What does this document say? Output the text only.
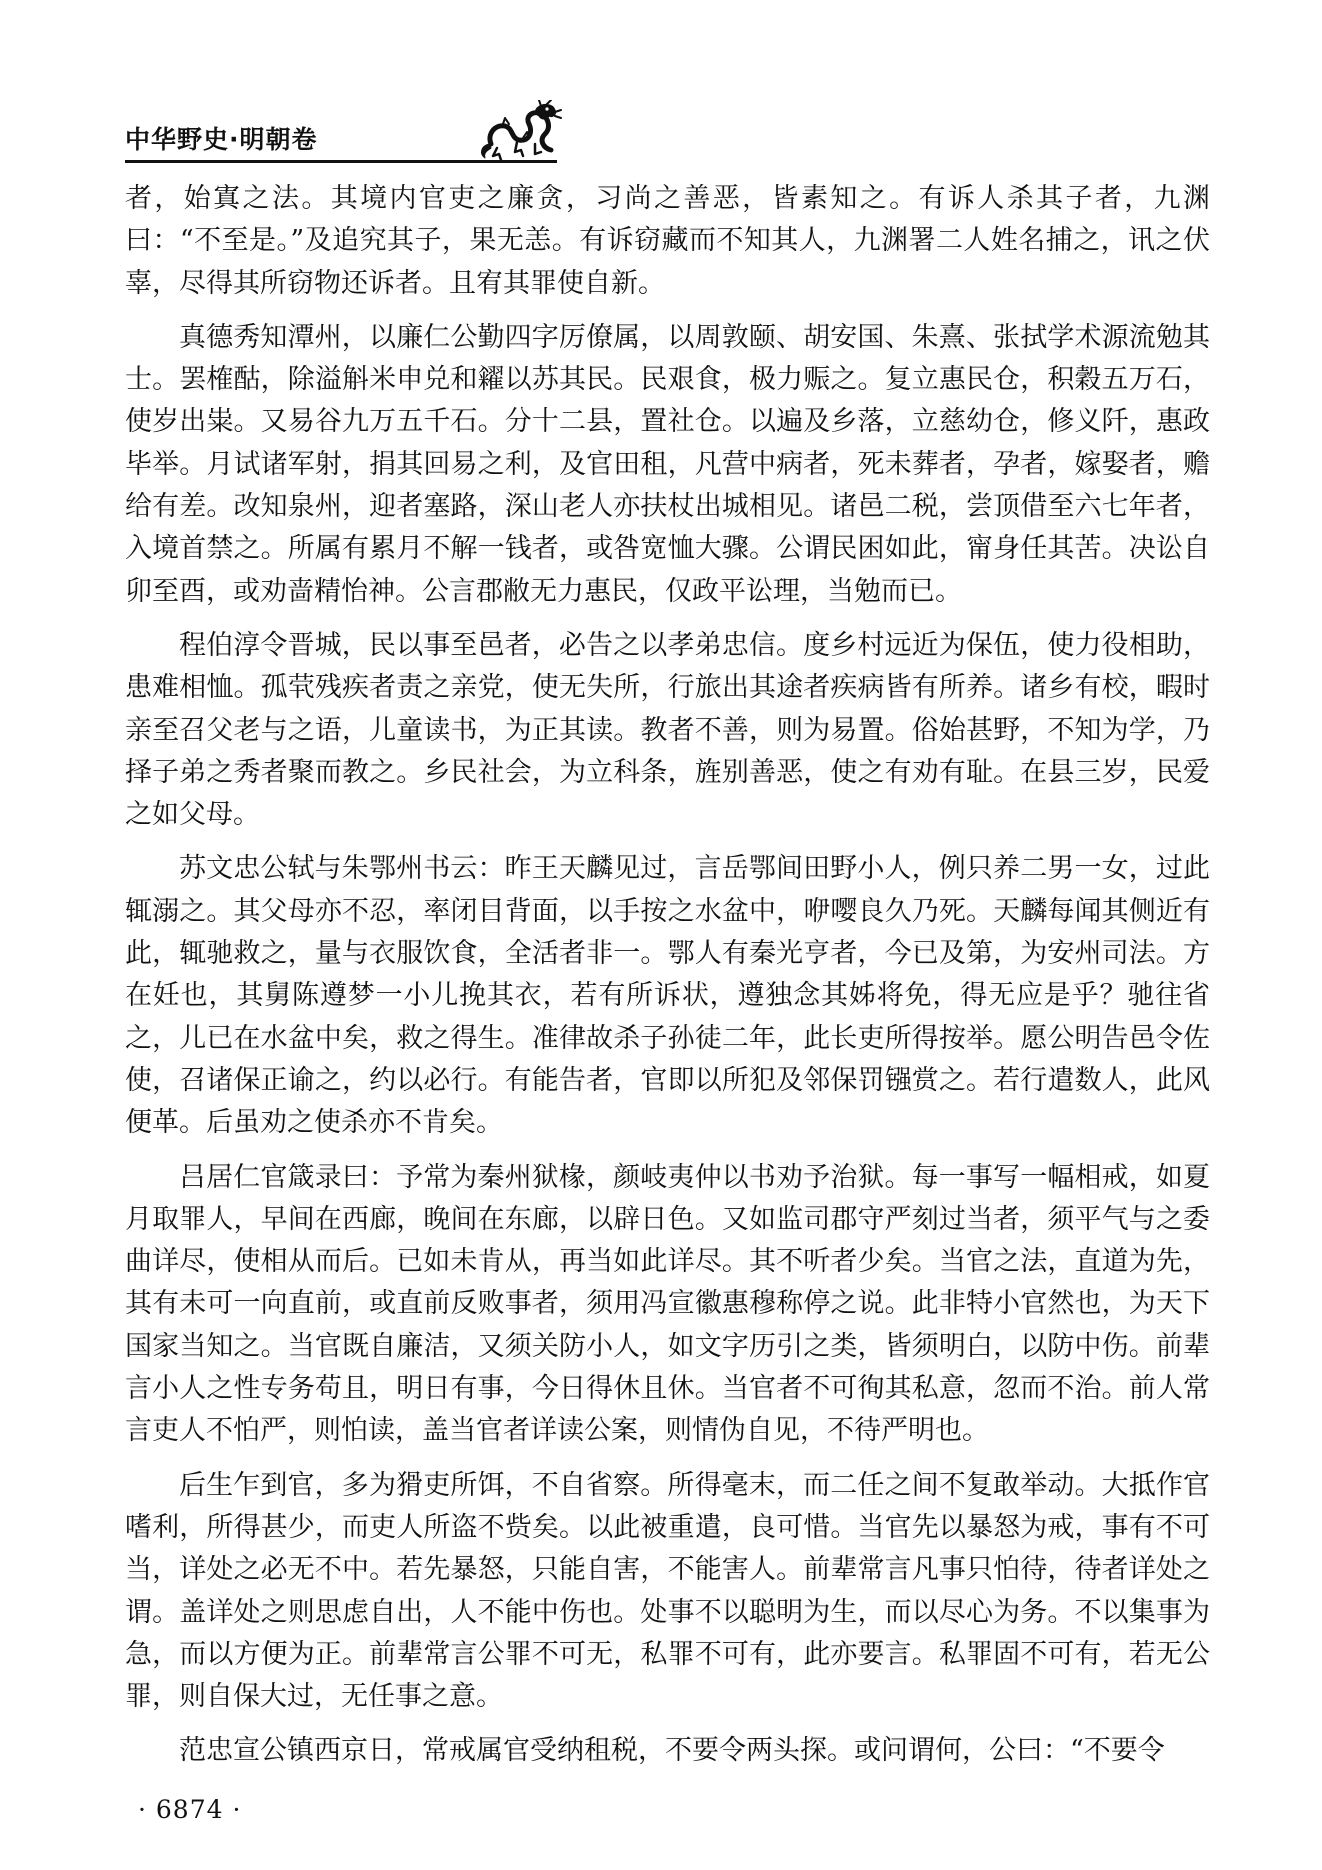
中华野史·明朝卷

者，始寘之法。其境内官吏之廉贪，习尚之善恶，皆素知之。有诉人杀其子者，九渊曰：“不至是。”及追究其子，果无恙。有诉窃藏而不知其人，九渊署二人姓名捕之，讯之伏辜，尽得其所窃物还诉者。且宥其罪使自新。

真德秀知潭州，以廉仁公勤四字厉僚属，以周敦颐、胡安国、朱熹、张拭学术源流勉其士。罢榷酤，除溢斛米申兑和糴以苏其民。民艰食，极力赈之。复立惠民仓，积穀五万石，使岁出粜。又易谷九万五千石。分十二县，置社仓。以遍及乡落，立慈幼仓，修义阡，惠政毕举。月试诸军射，捐其回易之利，及官田租，凡营中病者，死未葬者，孕者，嫁娶者，赡给有差。改知泉州，迎者塞路，深山老人亦扶杖出城相见。诸邑二税，尝顶借至六七年者，入境首禁之。所属有累月不解一钱者，或咎宽恤大骤。公谓民困如此，甯身任其苦。决讼自卯至酉，或劝啬精怡神。公言郡敝无力惠民，仅政平讼理，当勉而已。

程伯淳令晋城，民以事至邑者，必告之以孝弟忠信。度乡村远近为保伍，使力役相助，患难相恤。孤茕残疾者责之亲党，使无失所，行旅出其途者疾病皆有所养。诸乡有校，暇时亲至召父老与之语，儿童读书，为正其读。教者不善，则为易置。俗始甚野，不知为学，乃择子弟之秀者聚而教之。乡民社会，为立科条，旌别善恶，使之有劝有耻。在县三岁，民爱之如父母。

苏文忠公轼与朱鄂州书云：昨王天麟见过，言岳鄂间田野小人，例只养二男一女，过此辄溺之。其父母亦不忍，率闭目背面，以手按之水盆中，咿嘤良久乃死。天麟每闻其侧近有此，辄驰救之，量与衣服饮食，全活者非一。鄂人有秦光亨者，今已及第，为安州司法。方在妊也，其舅陈遵梦一小儿挽其衣，若有所诉状，遵独念其姊将免，得无应是乎？驰往省之，儿已在水盆中矣，救之得生。准律故杀子孙徒二年，此长吏所得按举。愿公明告邑令佐使，召诸保正谕之，约以必行。有能告者，官即以所犯及邻保罚镪赏之。若行遣数人，此风便革。后虽劝之使杀亦不肯矣。

吕居仁官箴录曰：予常为秦州狱椽，颜岐夷仲以书劝予治狱。每一事写一幅相戒，如夏月取罪人，早间在西廊，晚间在东廊，以辟日色。又如监司郡守严刻过当者，须平气与之委曲详尽，使相从而后。已如未肯从，再当如此详尽。其不听者少矣。当官之法，直道为先，其有未可一向直前，或直前反败事者，须用冯宣徽惠穆称停之说。此非特小官然也，为天下国家当知之。当官既自廉洁，又须关防小人，如文字历引之类，皆须明白，以防中伤。前辈言小人之性专务苟且，明日有事，今日得休且休。当官者不可徇其私意，忽而不治。前人常言吏人不怕严，则怕读，盖当官者详读公案，则情伪自见，不待严明也。

后生乍到官，多为猾吏所饵，不自省察。所得毫末，而二任之间不复敢举动。大抵作官嗜利，所得甚少，而吏人所盗不赀矣。以此被重遣，良可惜。当官先以暴怒为戒，事有不可当，详处之必无不中。若先暴怒，只能自害，不能害人。前辈常言凡事只怕待，待者详处之谓。盖详处之则思虑自出，人不能中伤也。处事不以聪明为生，而以尽心为务。不以集事为急，而以方便为正。前辈常言公罪不可无，私罪不可有，此亦要言。私罪固不可有，若无公罪，则自保大过，无任事之意。

范忠宣公镇西京日，常戒属官受纳租税，不要令两头探。或问谓何，公曰：“不要令

· 6874 ·
